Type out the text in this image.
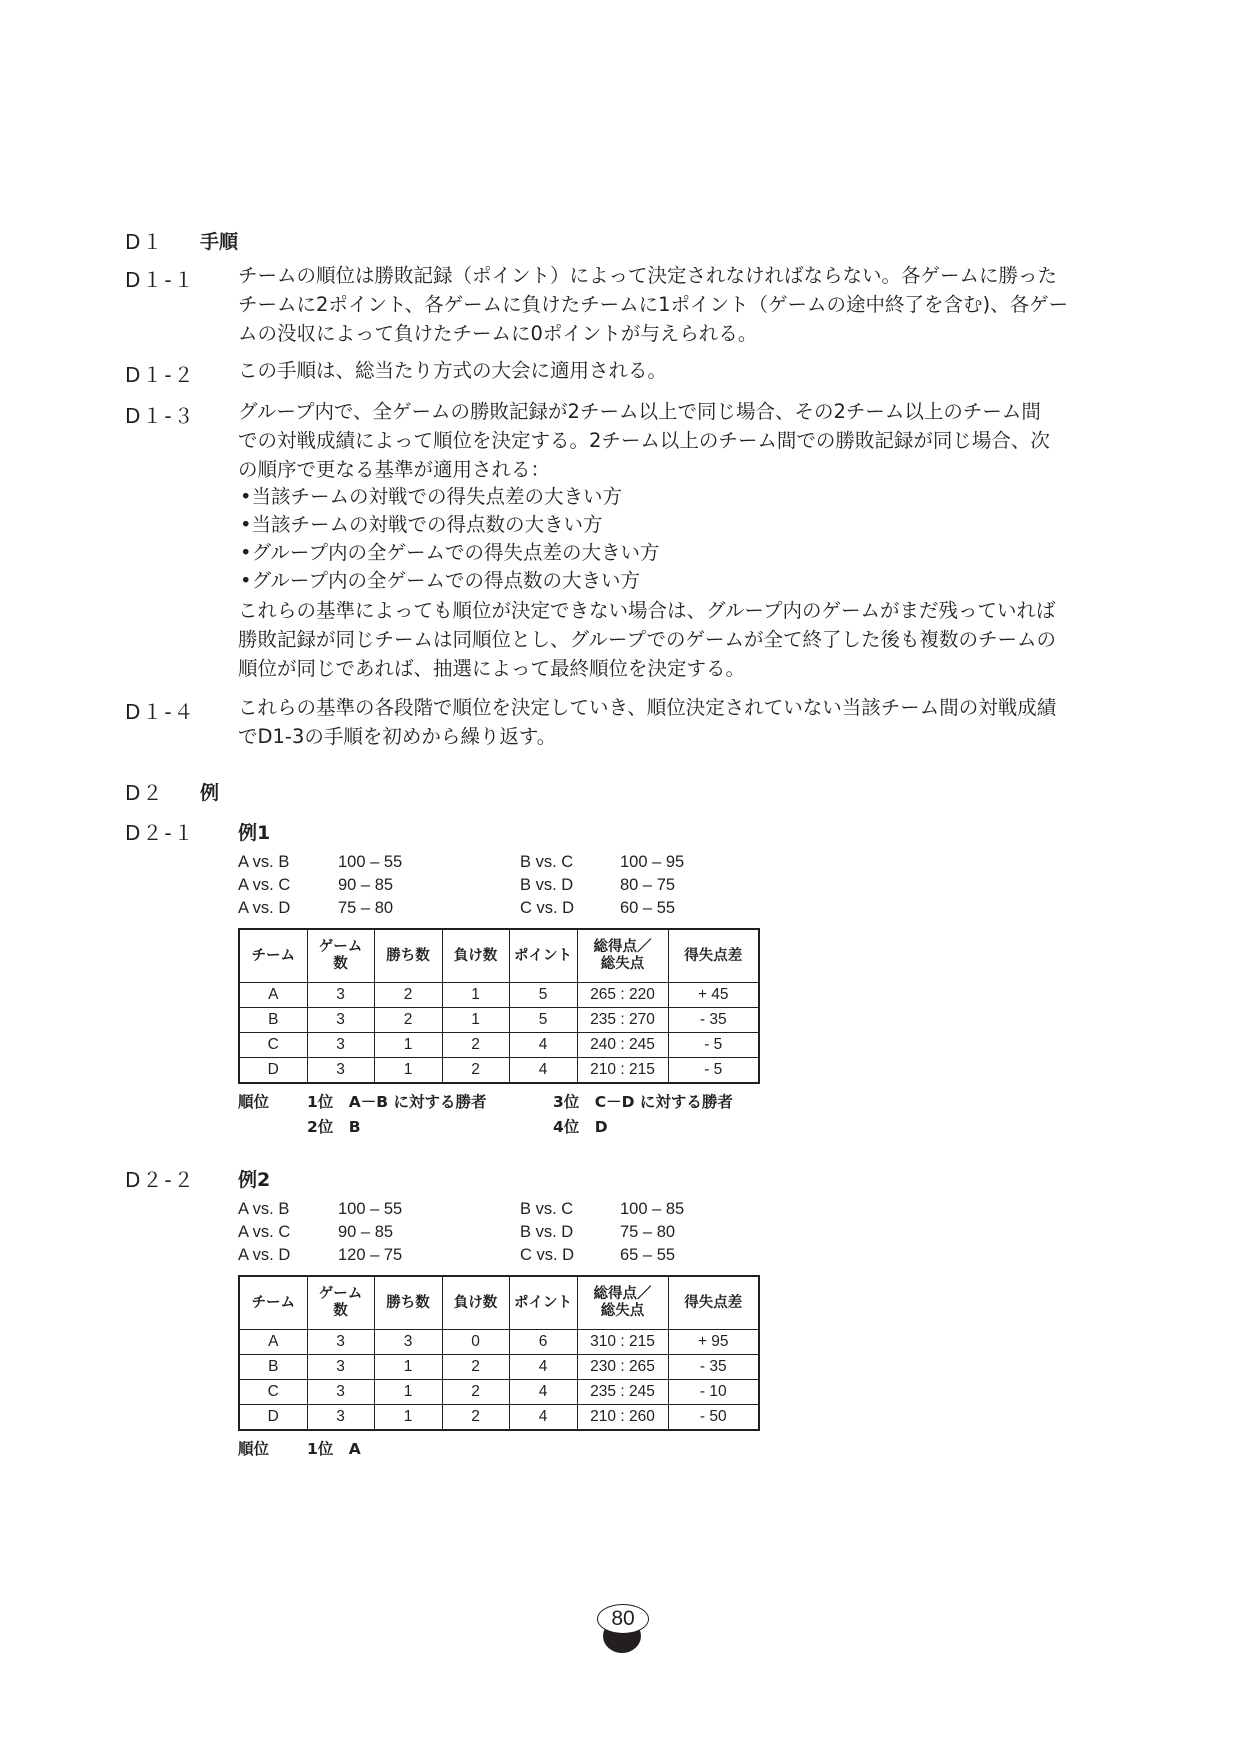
D１ 手順
D１-１ チームの順位は勝敗記録（ポイント）によって決定されなければならない。各ゲームに勝った
チームに2ポイント、各ゲームに負けたチームに1ポイント（ゲームの途中終了を含む)、各ゲー
ムの没収によって負けたチームに0ポイントが与えられる。
D１-２ この手順は、総当たり方式の大会に適用される。
D１-３ グループ内で、全ゲームの勝敗記録が2チーム以上で同じ場合、その2チーム以上のチーム間
での対戦成績によって順位を決定する。2チーム以上のチーム間での勝敗記録が同じ場合、次
の順序で更なる基準が適用される：
•当該チームの対戦での得失点差の大きい方
•当該チームの対戦での得点数の大きい方
•グループ内の全ゲームでの得失点差の大きい方
•グループ内の全ゲームでの得点数の大きい方
これらの基準によっても順位が決定できない場合は、グループ内のゲームがまだ残っていれば
勝敗記録が同じチームは同順位とし、グループでのゲームが全て終了した後も複数のチームの
順位が同じであれば、抽選によって最終順位を決定する。
D１-４ これらの基準の各段階で順位を決定していき、順位決定されていない当該チーム間の対戦成績
でD1-3の手順を初めから繰り返す。
D２ 例
D２-１ 例1
A vs. B	100 – 55
A vs. C	90 – 85
A vs. D	75 – 80
B vs. C	100 – 95
B vs. D	80 – 75
C vs. D	60 – 55
チーム	ゲーム
数	勝ち数	負け数	ポイント	総得点／
総失点	得失点差
A	3	2	1	5	265 : 220	+ 45
B	3	2	1	5	235 : 270	- 35
C	3	1	2	4	240 : 245	- 5
D	3	1	2	4	210 : 215	- 5
順位 1位　A－B に対する勝者
2位　B
3位　C－D に対する勝者
4位　D
D２-２ 例2
A vs. B	100 – 55
A vs. C	90 – 85
A vs. D	120 – 75
B vs. C	100 – 85
B vs. D	75 – 80
C vs. D	65 – 55
チーム	ゲーム
数	勝ち数	負け数	ポイント	総得点／
総失点	得失点差
A	3	3	0	6	310 : 215	+ 95
B	3	1	2	4	230 : 265	- 35
C	3	1	2	4	235 : 245	- 10
D	3	1	2	4	210 : 260	- 50
順位 1位　A
80
